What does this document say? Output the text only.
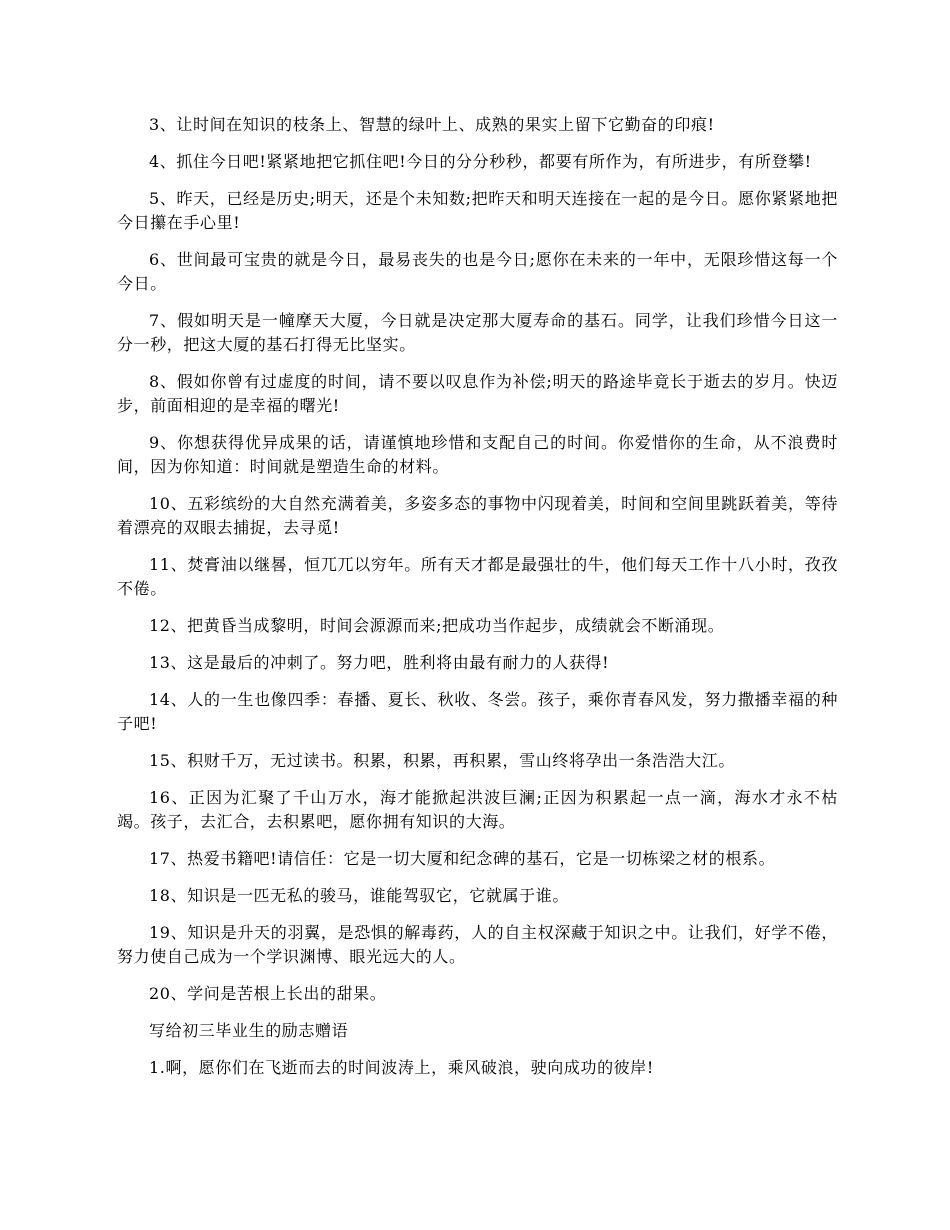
3、让时间在知识的枝条上、智慧的绿叶上、成熟的果实上留下它勤奋的印痕!

4、抓住今日吧!紧紧地把它抓住吧!今日的分分秒秒，都要有所作为，有所进步，有所登攀!

5、昨天，已经是历史;明天，还是个未知数;把昨天和明天连接在一起的是今日。愿你紧紧地把今日攥在手心里!

6、世间最可宝贵的就是今日，最易丧失的也是今日;愿你在未来的一年中，无限珍惜这每一个今日。

7、假如明天是一幢摩天大厦，今日就是决定那大厦寿命的基石。同学，让我们珍惜今日这一分一秒，把这大厦的基石打得无比坚实。

8、假如你曾有过虚度的时间，请不要以叹息作为补偿;明天的路途毕竟长于逝去的岁月。快迈步，前面相迎的是幸福的曙光!

9、你想获得优异成果的话，请谨慎地珍惜和支配自己的时间。你爱惜你的生命，从不浪费时间，因为你知道：时间就是塑造生命的材料。

10、五彩缤纷的大自然充满着美，多姿多态的事物中闪现着美，时间和空间里跳跃着美，等待着漂亮的双眼去捕捉，去寻觅!

11、焚膏油以继晷，恒兀兀以穷年。所有天才都是最强壮的牛，他们每天工作十八小时，孜孜不倦。

12、把黄昏当成黎明，时间会源源而来;把成功当作起步，成绩就会不断涌现。

13、这是最后的冲刺了。努力吧，胜利将由最有耐力的人获得!

14、人的一生也像四季：春播、夏长、秋收、冬尝。孩子，乘你青春风发，努力撒播幸福的种子吧!

15、积财千万，无过读书。积累，积累，再积累，雪山终将孕出一条浩浩大江。

16、正因为汇聚了千山万水，海才能掀起洪波巨澜;正因为积累起一点一滴，海水才永不枯竭。孩子，去汇合，去积累吧，愿你拥有知识的大海。

17、热爱书籍吧!请信任：它是一切大厦和纪念碑的基石，它是一切栋梁之材的根系。

18、知识是一匹无私的骏马，谁能驾驭它，它就属于谁。

19、知识是升天的羽翼，是恐惧的解毒药，人的自主权深藏于知识之中。让我们，好学不倦，努力使自己成为一个学识渊博、眼光远大的人。

20、学问是苦根上长出的甜果。

写给初三毕业生的励志赠语

1.啊，愿你们在飞逝而去的时间波涛上，乘风破浪，驶向成功的彼岸!
